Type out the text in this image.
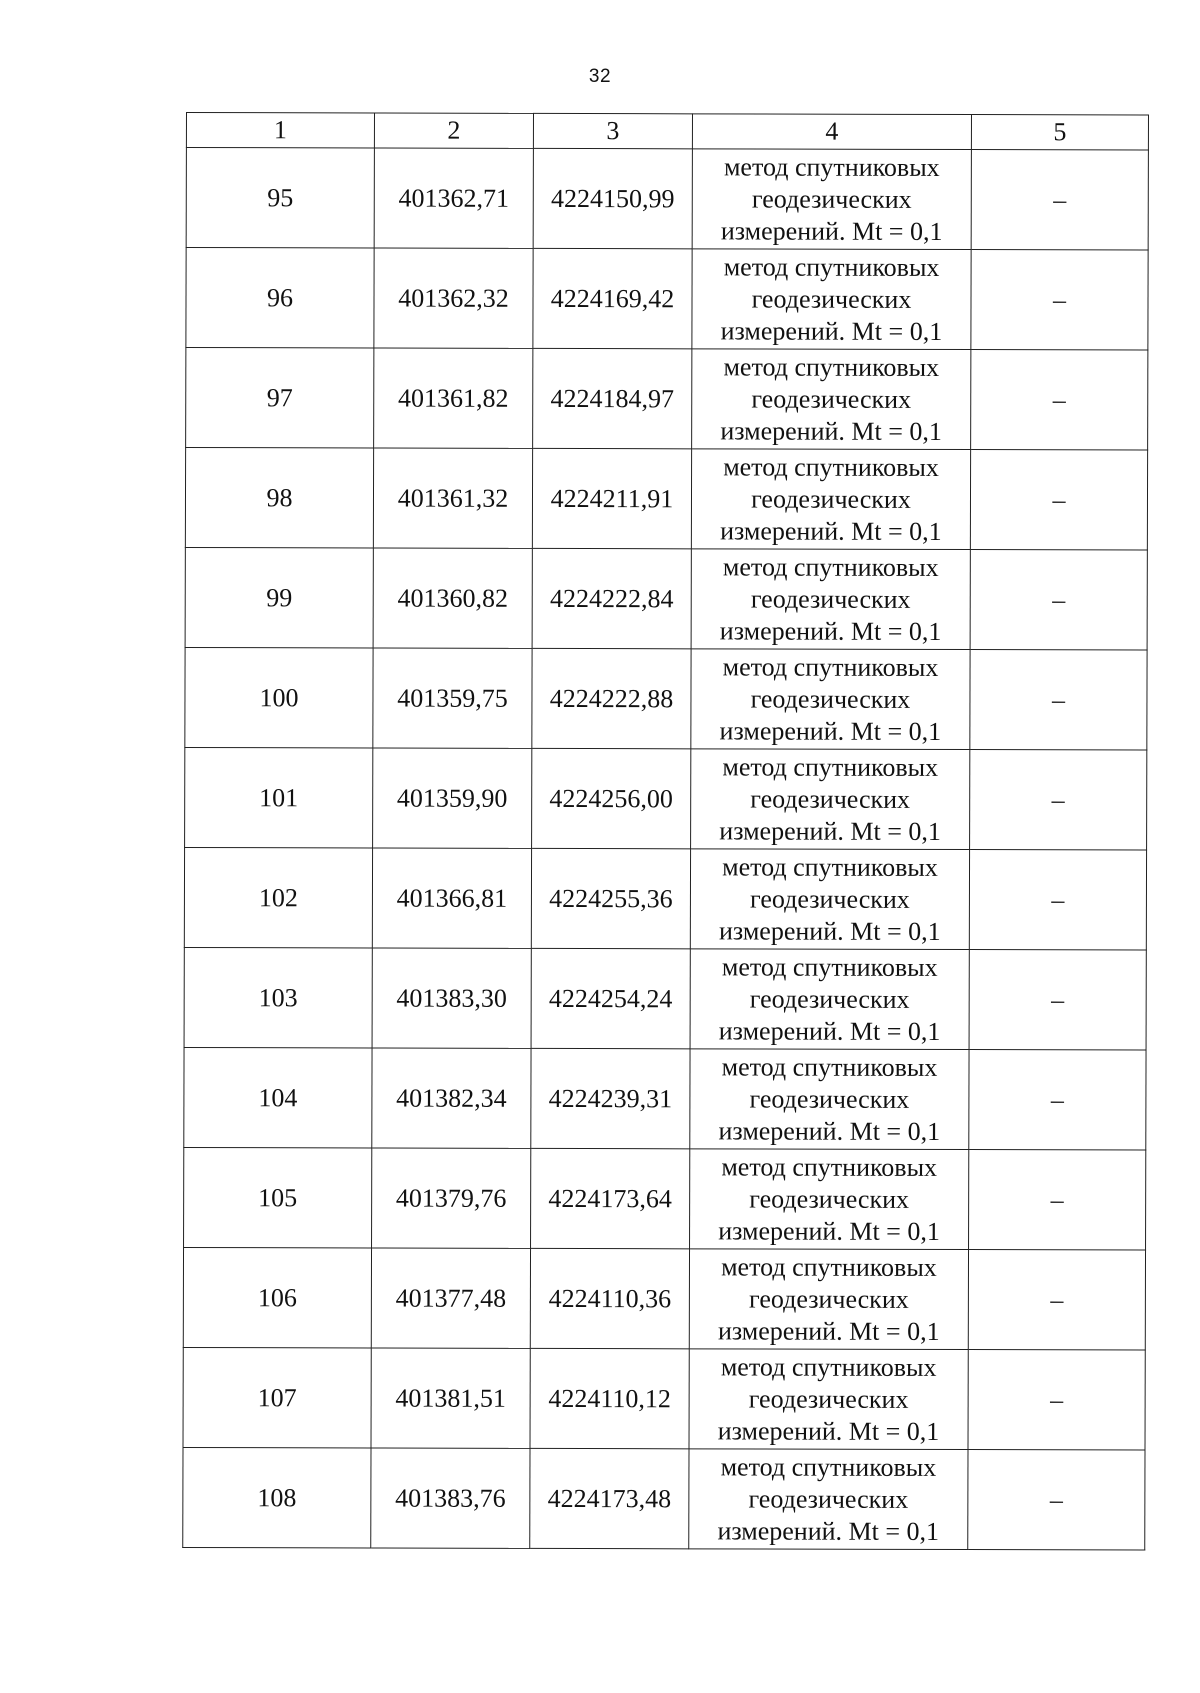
32
1	2	3	4	5
95	401362,71	4224150,99	метод спутниковых
геодезических
измерений. Mt = 0,1	–
96	401362,32	4224169,42	метод спутниковых
геодезических
измерений. Mt = 0,1	–
97	401361,82	4224184,97	метод спутниковых
геодезических
измерений. Mt = 0,1	–
98	401361,32	4224211,91	метод спутниковых
геодезических
измерений. Mt = 0,1	–
99	401360,82	4224222,84	метод спутниковых
геодезических
измерений. Mt = 0,1	–
100	401359,75	4224222,88	метод спутниковых
геодезических
измерений. Mt = 0,1	–
101	401359,90	4224256,00	метод спутниковых
геодезических
измерений. Mt = 0,1	–
102	401366,81	4224255,36	метод спутниковых
геодезических
измерений. Mt = 0,1	–
103	401383,30	4224254,24	метод спутниковых
геодезических
измерений. Mt = 0,1	–
104	401382,34	4224239,31	метод спутниковых
геодезических
измерений. Mt = 0,1	–
105	401379,76	4224173,64	метод спутниковых
геодезических
измерений. Mt = 0,1	–
106	401377,48	4224110,36	метод спутниковых
геодезических
измерений. Mt = 0,1	–
107	401381,51	4224110,12	метод спутниковых
геодезических
измерений. Mt = 0,1	–
108	401383,76	4224173,48	метод спутниковых
геодезических
измерений. Mt = 0,1	–
